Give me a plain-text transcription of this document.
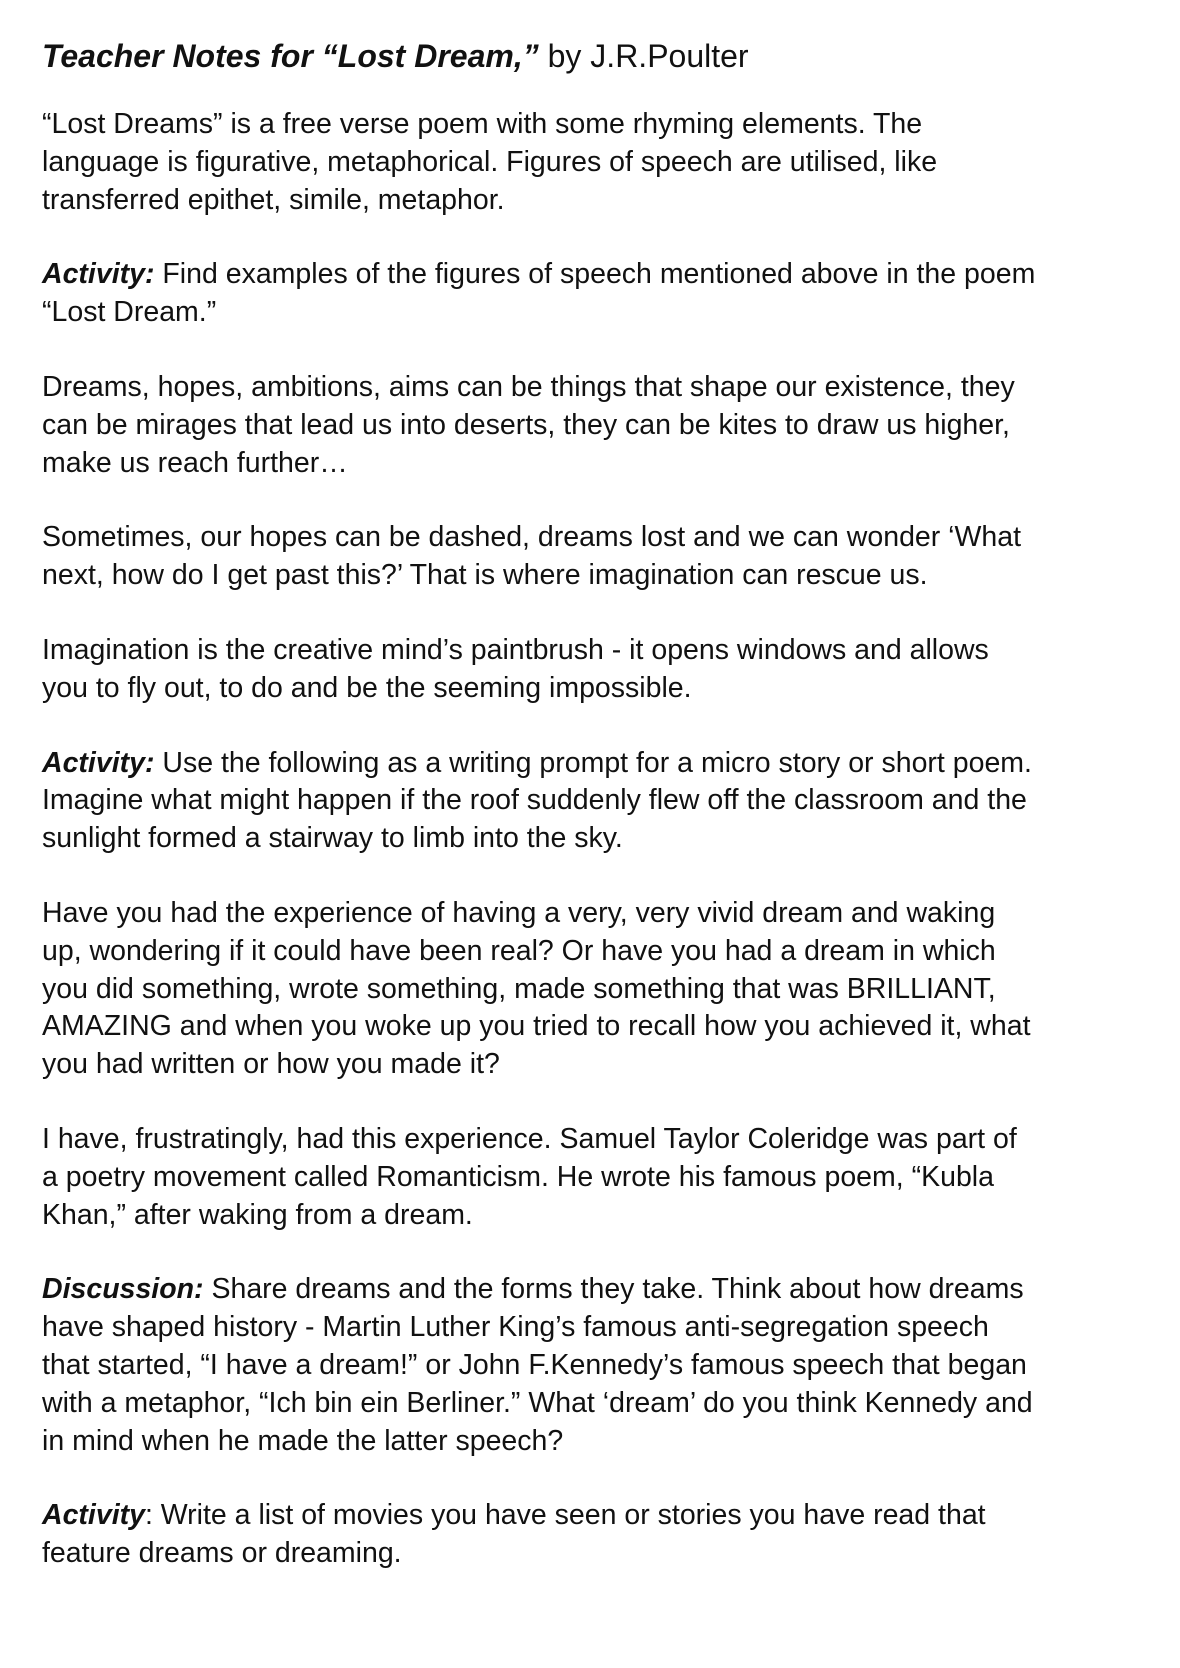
Teacher Notes for “Lost Dream,” by J.R.Poulter

“Lost Dreams” is a free verse poem with some rhyming elements. The
language is figurative, metaphorical. Figures of speech are utilised, like
transferred epithet, simile, metaphor.

Activity: Find examples of the figures of speech mentioned above in the poem
“Lost Dream.”

Dreams, hopes, ambitions, aims can be things that shape our existence, they
can be mirages that lead us into deserts, they can be kites to draw us higher,
make us reach further…

Sometimes, our hopes can be dashed, dreams lost and we can wonder ‘What
next, how do I get past this?’ That is where imagination can rescue us.

Imagination is the creative mind’s paintbrush - it opens windows and allows
you to fly out, to do and be the seeming impossible.

Activity: Use the following as a writing prompt for a micro story or short poem.
Imagine what might happen if the roof suddenly flew off the classroom and the
sunlight formed a stairway to limb into the sky.

Have you had the experience of having a very, very vivid dream and waking
up, wondering if it could have been real? Or have you had a dream in which
you did something, wrote something, made something that was BRILLIANT,
AMAZING and when you woke up you tried to recall how you achieved it, what
you had written or how you made it?

I have, frustratingly, had this experience. Samuel Taylor Coleridge was part of
a poetry movement called Romanticism. He wrote his famous poem, “Kubla
Khan,” after waking from a dream.

Discussion: Share dreams and the forms they take. Think about how dreams
have shaped history - Martin Luther King’s famous anti-segregation speech
that started, “I have a dream!” or John F.Kennedy’s famous speech that began
with a metaphor, “Ich bin ein Berliner.” What ‘dream’ do you think Kennedy and
in mind when he made the latter speech?

Activity: Write a list of movies you have seen or stories you have read that
feature dreams or dreaming.
